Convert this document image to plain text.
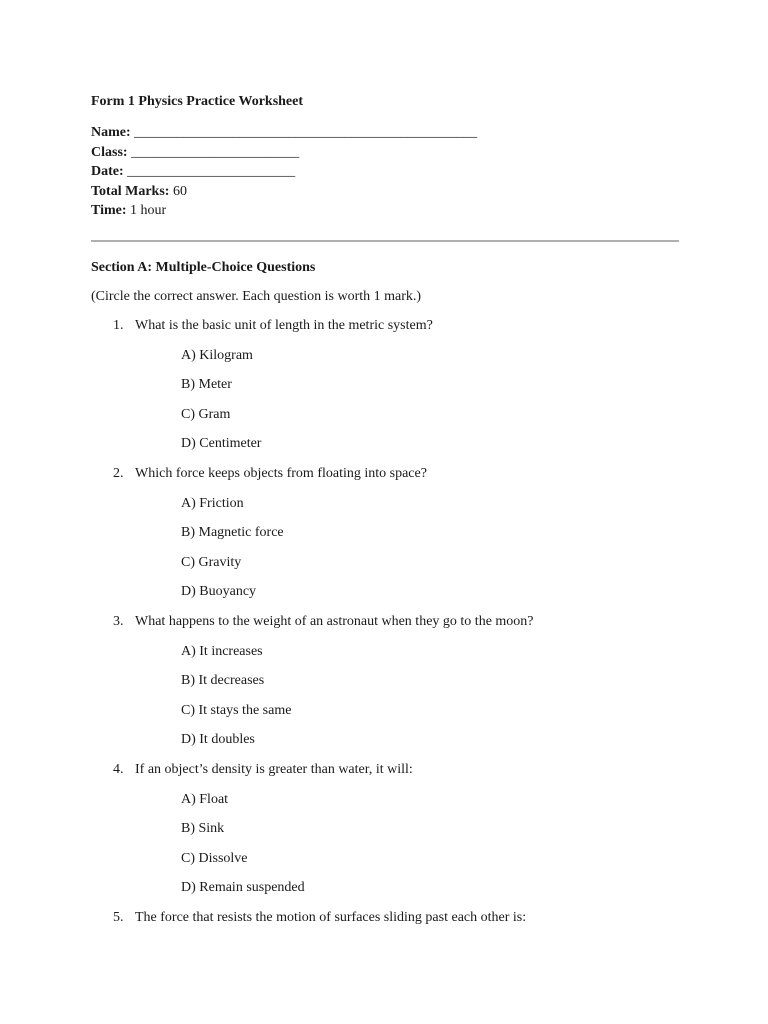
Form 1 Physics Practice Worksheet
Name: _________________________________________________
Class: ________________________
Date: ________________________
Total Marks: 60
Time: 1 hour
Section A: Multiple-Choice Questions
(Circle the correct answer. Each question is worth 1 mark.)
1. What is the basic unit of length in the metric system?
A) Kilogram
B) Meter
C) Gram
D) Centimeter
2. Which force keeps objects from floating into space?
A) Friction
B) Magnetic force
C) Gravity
D) Buoyancy
3. What happens to the weight of an astronaut when they go to the moon?
A) It increases
B) It decreases
C) It stays the same
D) It doubles
4. If an object’s density is greater than water, it will:
A) Float
B) Sink
C) Dissolve
D) Remain suspended
5. The force that resists the motion of surfaces sliding past each other is:
